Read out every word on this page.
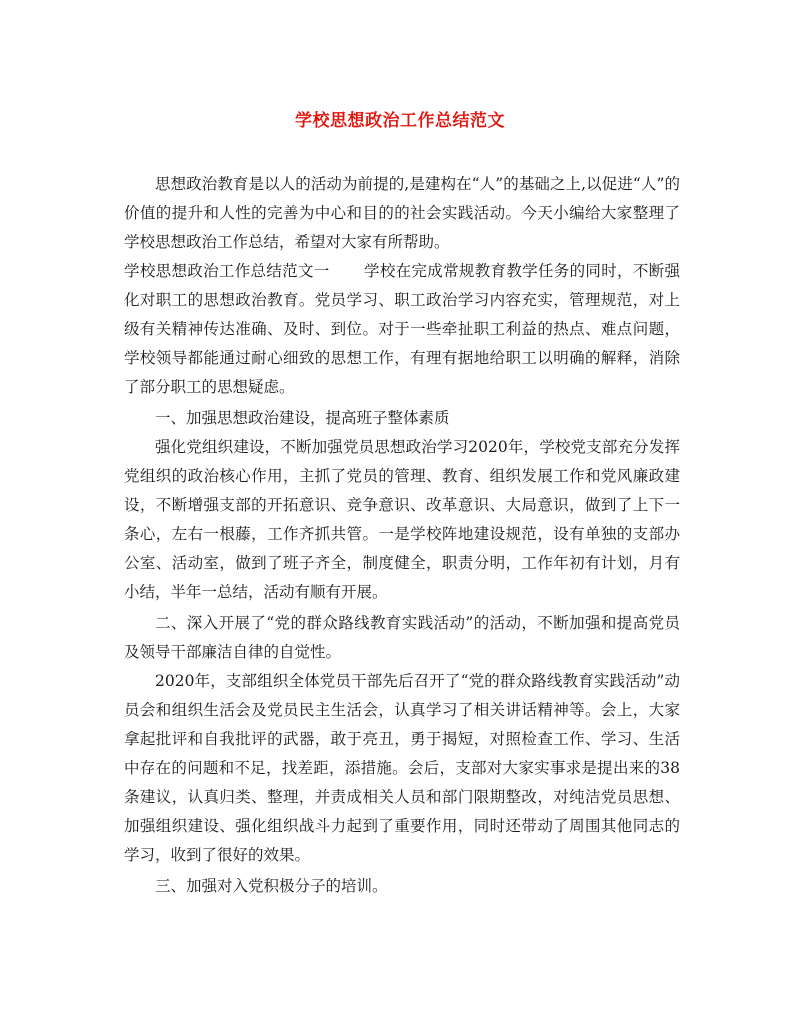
学校思想政治工作总结范文

思想政治教育是以人的活动为前提的,是建构在“人”的基础之上,以促进“人”的价值的提升和人性的完善为中心和目的的社会实践活动。今天小编给大家整理了学校思想政治工作总结，希望对大家有所帮助。

学校思想政治工作总结范文一 学校在完成常规教育教学任务的同时，不断强化对职工的思想政治教育。党员学习、职工政治学习内容充实，管理规范，对上级有关精神传达准确、及时、到位。对于一些牵扯职工利益的热点、难点问题，学校领导都能通过耐心细致的思想工作，有理有据地给职工以明确的解释，消除了部分职工的思想疑虑。

一、加强思想政治建设，提高班子整体素质

强化党组织建设，不断加强党员思想政治学习2020年，学校党支部充分发挥党组织的政治核心作用，主抓了党员的管理、教育、组织发展工作和党风廉政建设，不断增强支部的开拓意识、竞争意识、改革意识、大局意识，做到了上下一条心，左右一根藤，工作齐抓共管。一是学校阵地建设规范，设有单独的支部办公室、活动室，做到了班子齐全，制度健全，职责分明，工作年初有计划，月有小结，半年一总结，活动有顺有开展。

二、深入开展了“党的群众路线教育实践活动”的活动，不断加强和提高党员及领导干部廉洁自律的自觉性。

2020年，支部组织全体党员干部先后召开了“党的群众路线教育实践活动”动员会和组织生活会及党员民主生活会，认真学习了相关讲话精神等。会上，大家拿起批评和自我批评的武器，敢于亮丑，勇于揭短，对照检查工作、学习、生活中存在的问题和不足，找差距，添措施。会后，支部对大家实事求是提出来的38条建议，认真归类、整理，并责成相关人员和部门限期整改，对纯洁党员思想、加强组织建设、强化组织战斗力起到了重要作用，同时还带动了周围其他同志的学习，收到了很好的效果。

三、加强对入党积极分子的培训。
